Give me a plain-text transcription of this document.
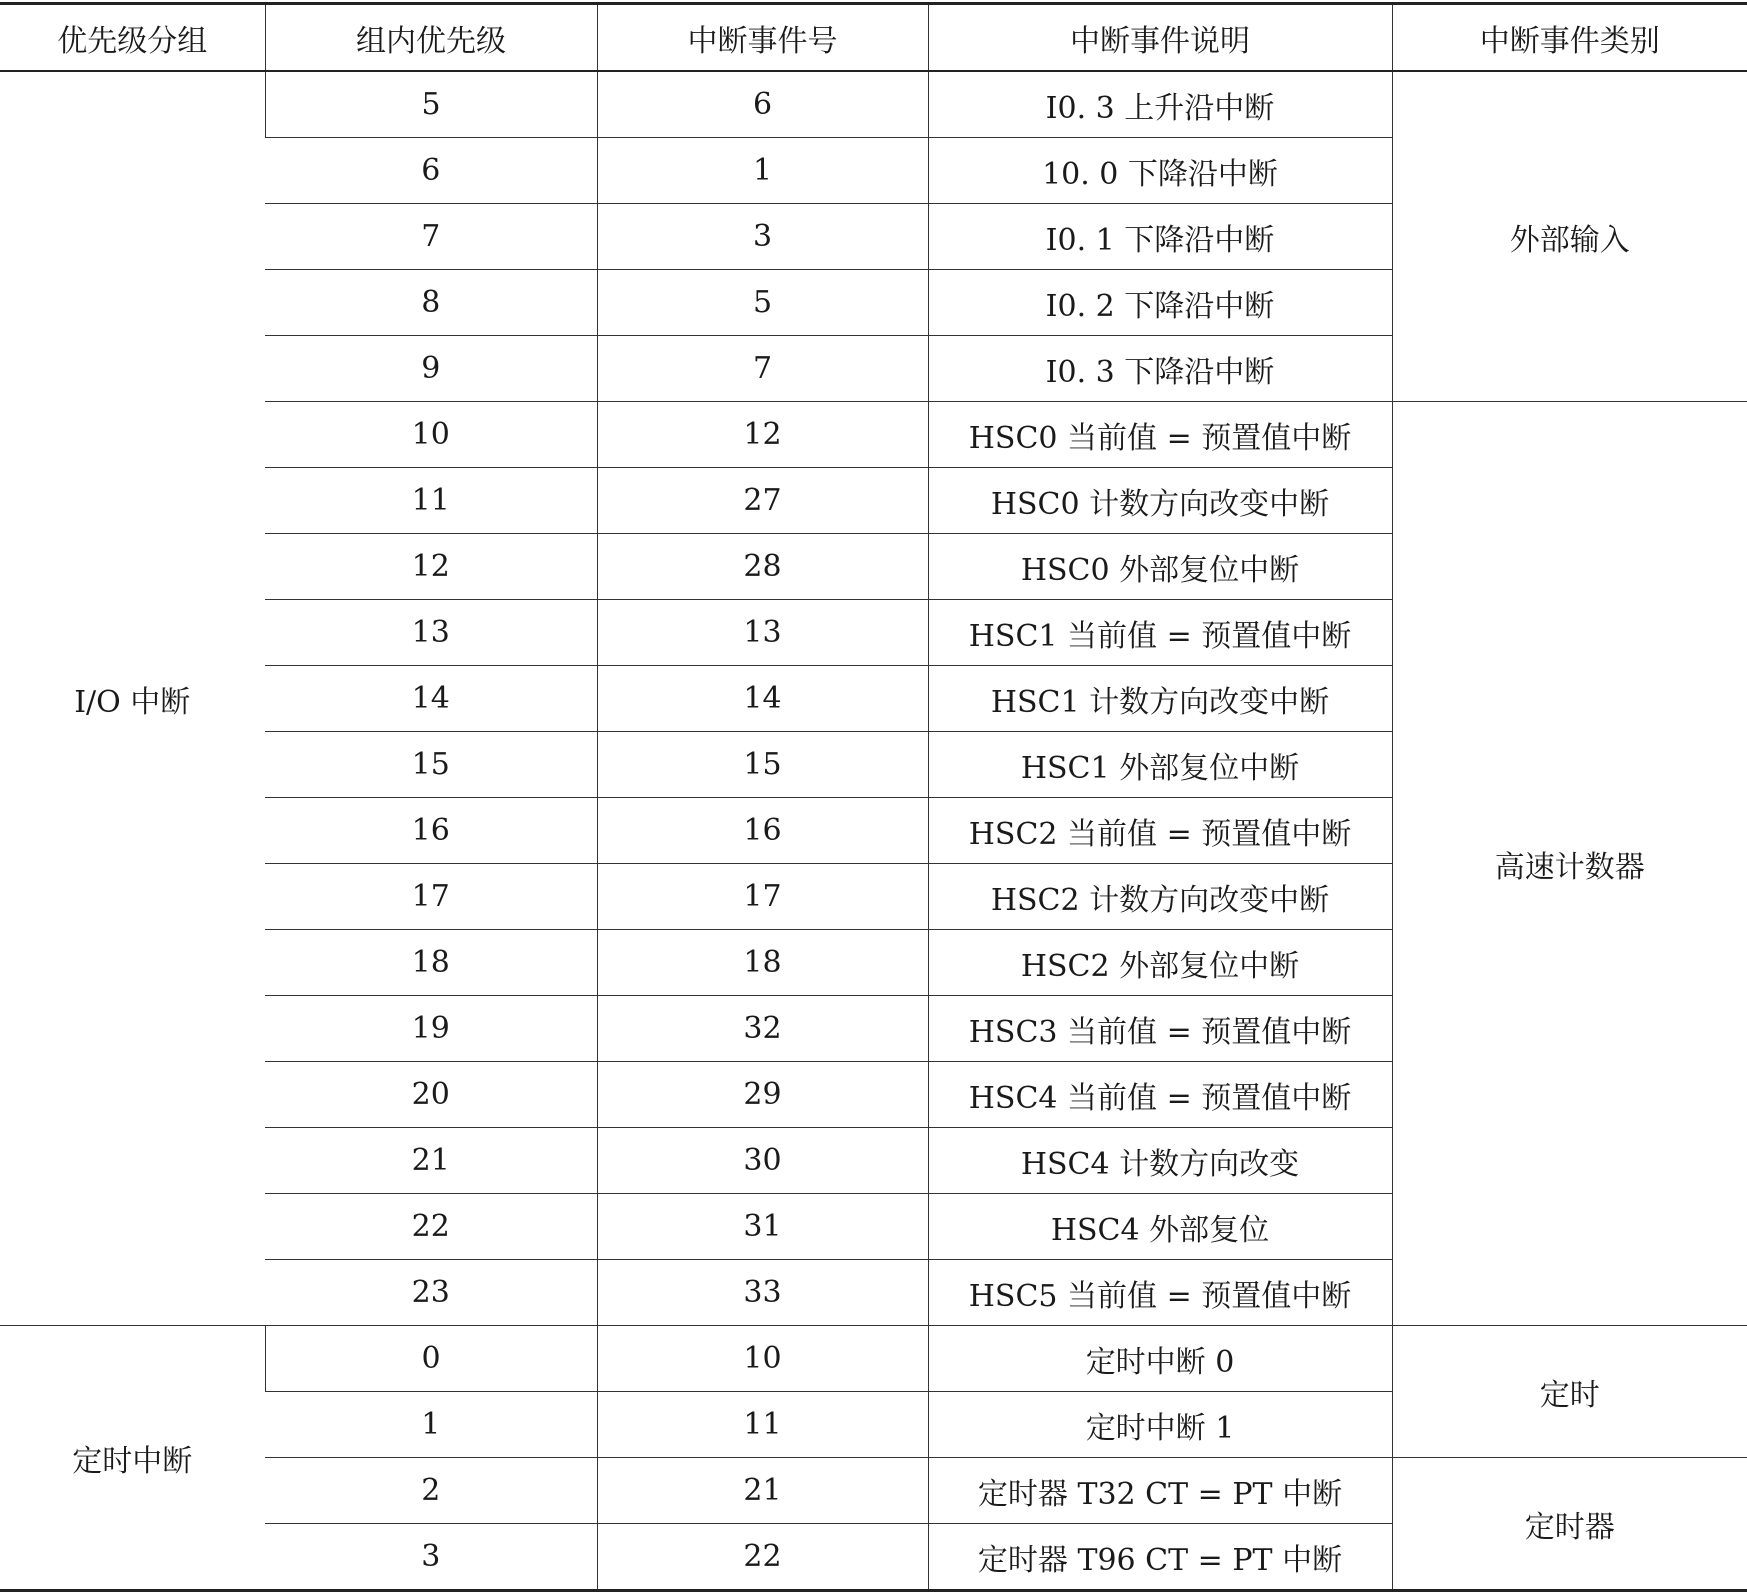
优先级分组	组内优先级	中断事件号	中断事件说明	中断事件类别
I/O 中断	5	6	I0. 3 上升沿中断	外部输入
	6	1	10. 0 下降沿中断	
	7	3	I0. 1 下降沿中断	
	8	5	I0. 2 下降沿中断	
	9	7	I0. 3 下降沿中断	
	10	12	HSC0 当前值 = 预置值中断	高速计数器
	11	27	HSC0 计数方向改变中断	
	12	28	HSC0 外部复位中断	
	13	13	HSC1 当前值 = 预置值中断	
	14	14	HSC1 计数方向改变中断	
	15	15	HSC1 外部复位中断	
	16	16	HSC2 当前值 = 预置值中断	
	17	17	HSC2 计数方向改变中断	
	18	18	HSC2 外部复位中断	
	19	32	HSC3 当前值 = 预置值中断	
	20	29	HSC4 当前值 = 预置值中断	
	21	30	HSC4 计数方向改变	
	22	31	HSC4 外部复位	
	23	33	HSC5 当前值 = 预置值中断	
定时中断	0	10	定时中断 0	定时
	1	11	定时中断 1	
	2	21	定时器 T32 CT = PT 中断	定时器
	3	22	定时器 T96 CT = PT 中断	
